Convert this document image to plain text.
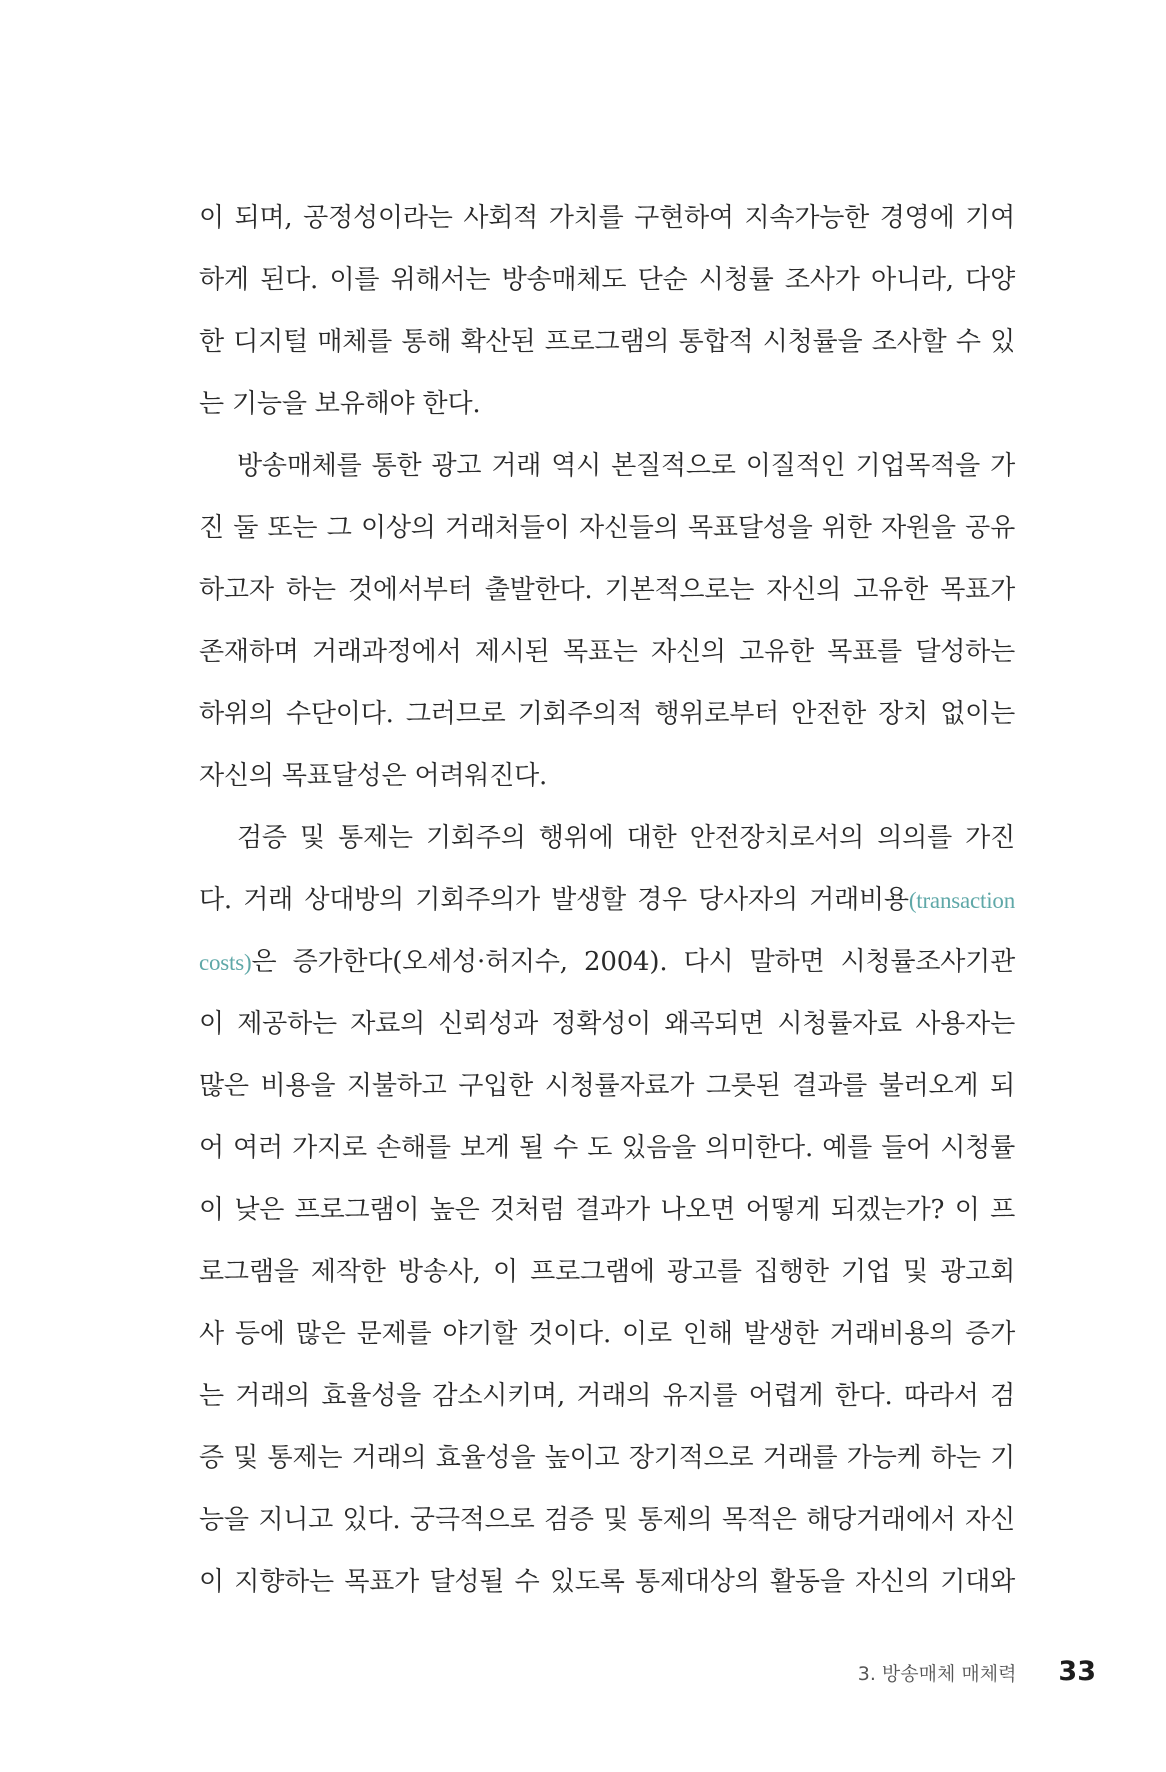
이 되며, 공정성이라는 사회적 가치를 구현하여 지속가능한 경영에 기여
하게 된다. 이를 위해서는 방송매체도 단순 시청률 조사가 아니라, 다양
한 디지털 매체를 통해 확산된 프로그램의 통합적 시청률을 조사할 수 있
는 기능을 보유해야 한다.
방송매체를 통한 광고 거래 역시 본질적으로 이질적인 기업목적을 가
진 둘 또는 그 이상의 거래처들이 자신들의 목표달성을 위한 자원을 공유
하고자 하는 것에서부터 출발한다. 기본적으로는 자신의 고유한 목표가
존재하며 거래과정에서 제시된 목표는 자신의 고유한 목표를 달성하는
하위의 수단이다. 그러므로 기회주의적 행위로부터 안전한 장치 없이는
자신의 목표달성은 어려워진다.
검증 및 통제는 기회주의 행위에 대한 안전장치로서의 의의를 가진
다. 거래 상대방의 기회주의가 발생할 경우 당사자의 거래비용(transaction
costs)은 증가한다(오세성·허지수, 2004). 다시 말하면 시청률조사기관
이 제공하는 자료의 신뢰성과 정확성이 왜곡되면 시청률자료 사용자는
많은 비용을 지불하고 구입한 시청률자료가 그릇된 결과를 불러오게 되
어 여러 가지로 손해를 보게 될 수 도 있음을 의미한다. 예를 들어 시청률
이 낮은 프로그램이 높은 것처럼 결과가 나오면 어떻게 되겠는가? 이 프
로그램을 제작한 방송사, 이 프로그램에 광고를 집행한 기업 및 광고회
사 등에 많은 문제를 야기할 것이다. 이로 인해 발생한 거래비용의 증가
는 거래의 효율성을 감소시키며, 거래의 유지를 어렵게 한다. 따라서 검
증 및 통제는 거래의 효율성을 높이고 장기적으로 거래를 가능케 하는 기
능을 지니고 있다. 궁극적으로 검증 및 통제의 목적은 해당거래에서 자신
이 지향하는 목표가 달성될 수 있도록 통제대상의 활동을 자신의 기대와
3. 방송매체 매체력 33
